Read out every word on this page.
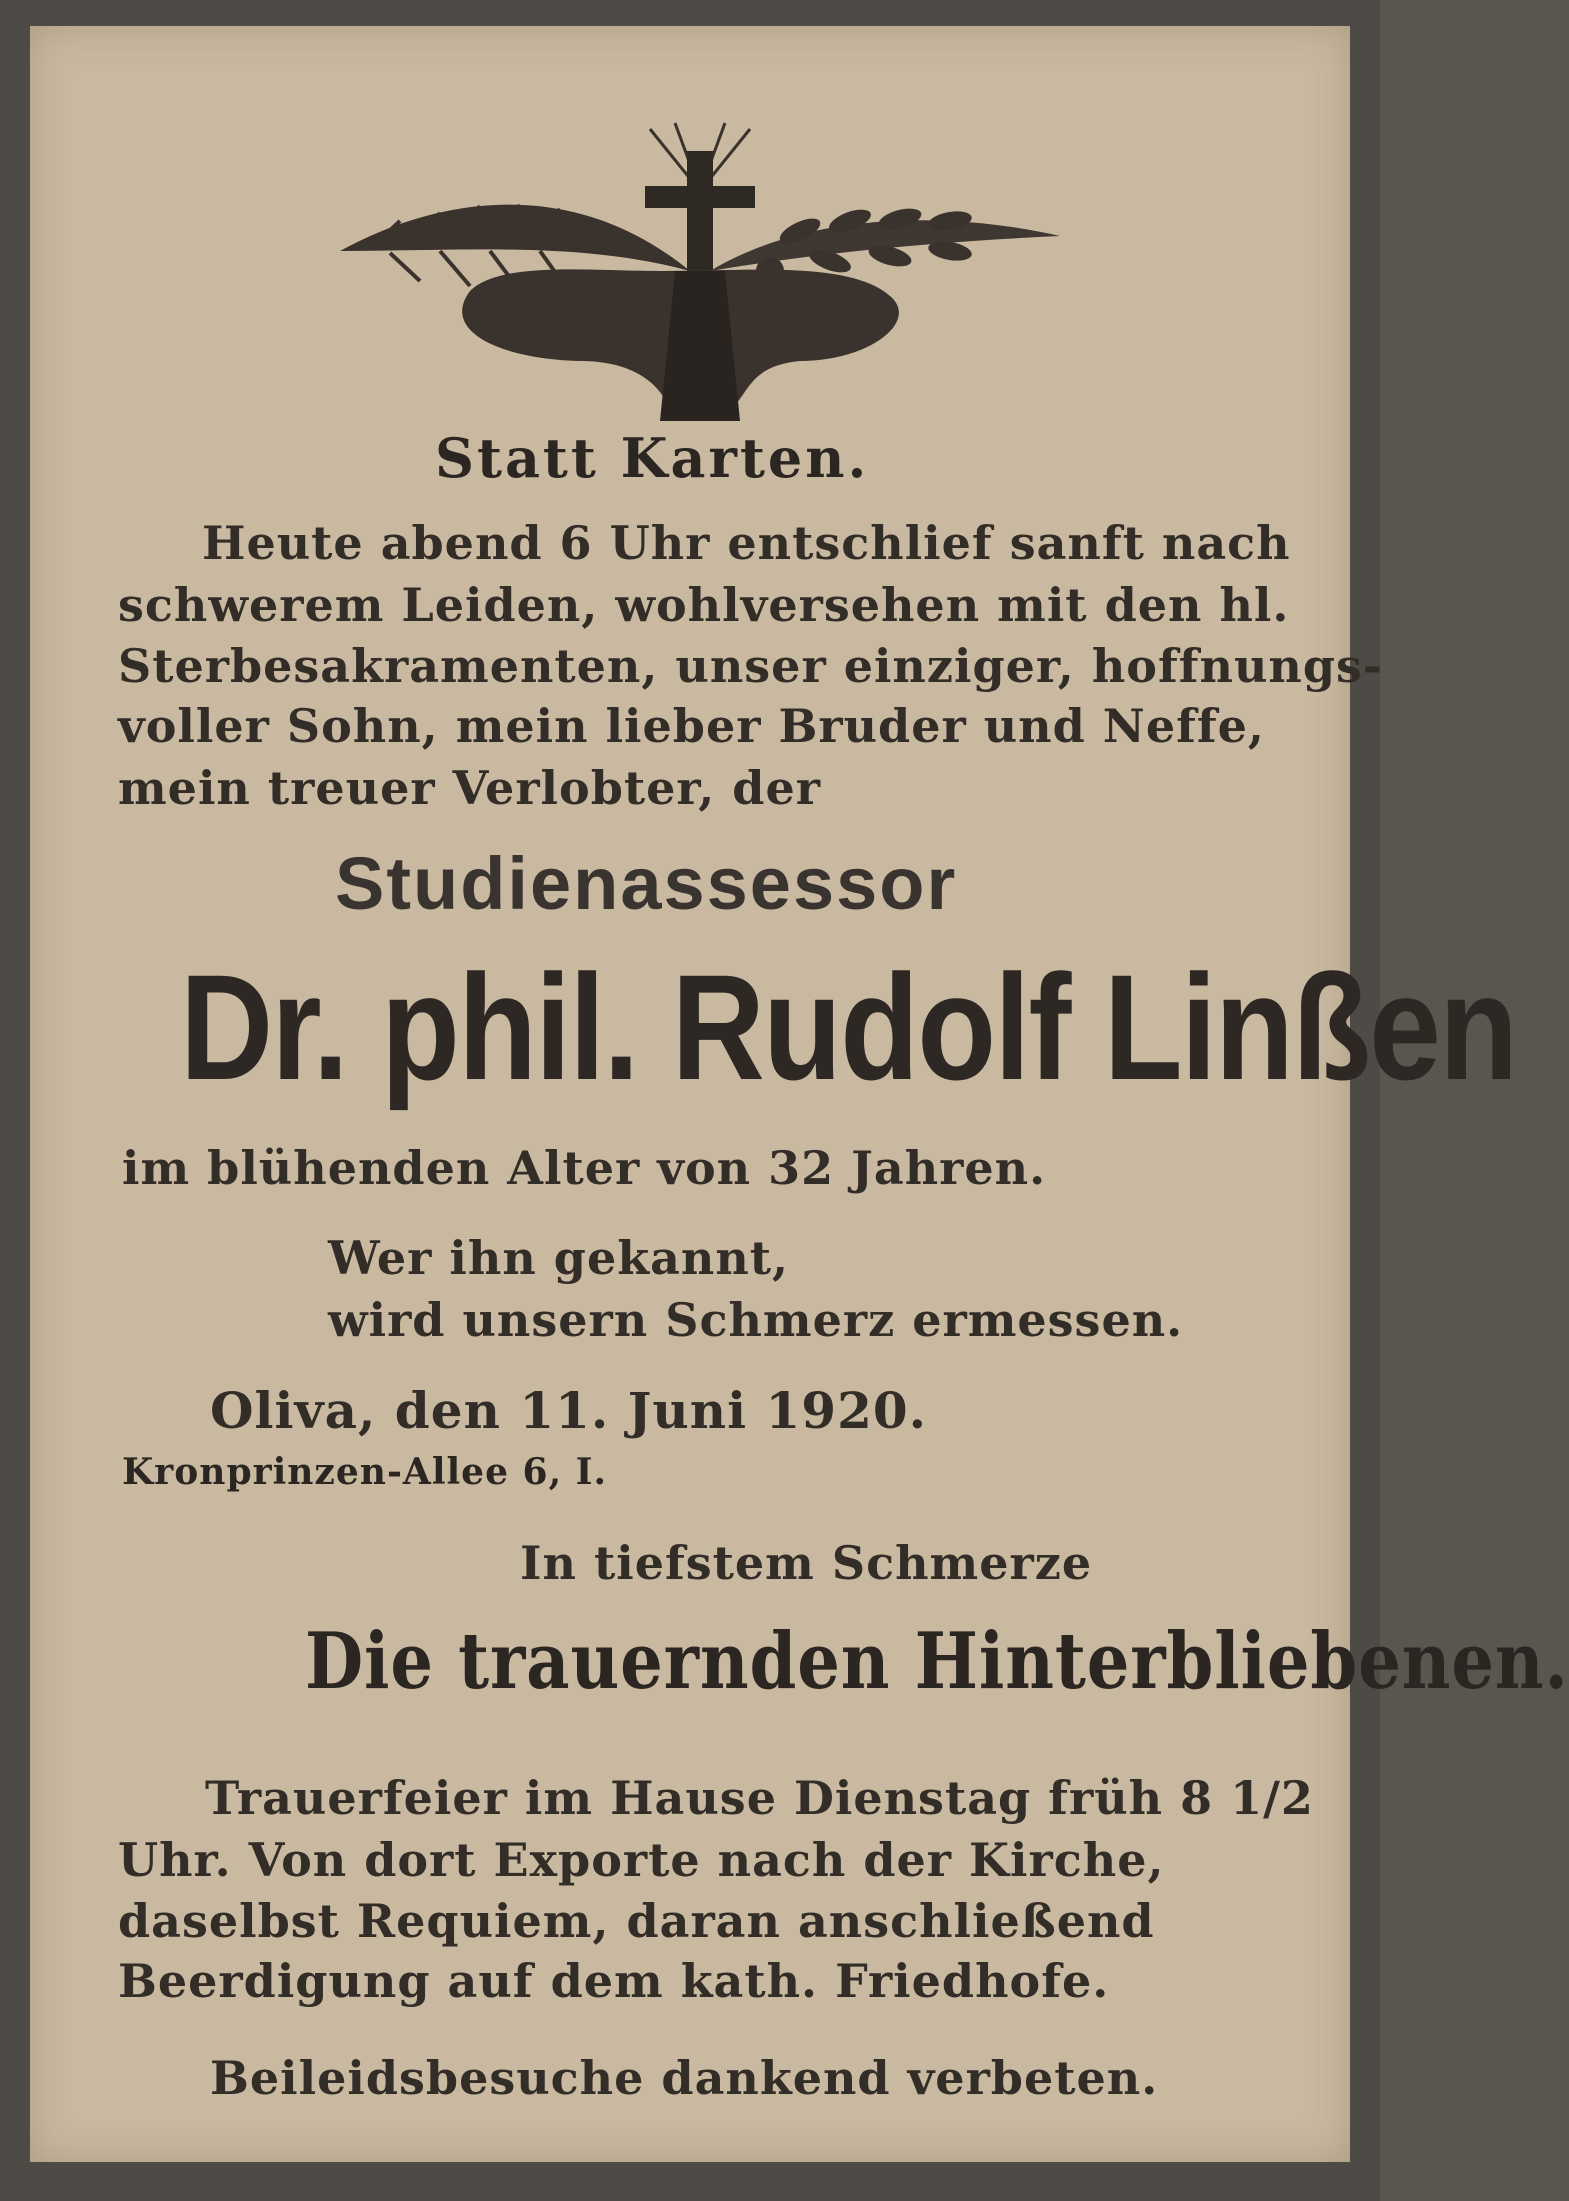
Statt Karten.
Heute abend 6 Uhr entschlief sanft nach
schwerem Leiden, wohlversehen mit den hl.
Sterbesakramenten, unser einziger, hoffnungs-
voller Sohn, mein lieber Bruder und Neffe,
mein treuer Verlobter, der
Studienassessor
Dr. phil. Rudolf Linßen
im blühenden Alter von 32 Jahren.
Wer ihn gekannt,
wird unsern Schmerz ermessen.
Oliva, den 11. Juni 1920.
Kronprinzen-Allee 6, I.
In tiefstem Schmerze
Die trauernden Hinterbliebenen.
Trauerfeier im Hause Dienstag früh 8 1/2
Uhr. Von dort Exporte nach der Kirche,
daselbst Requiem, daran anschließend
Beerdigung auf dem kath. Friedhofe.
Beileidsbesuche dankend verbeten.
